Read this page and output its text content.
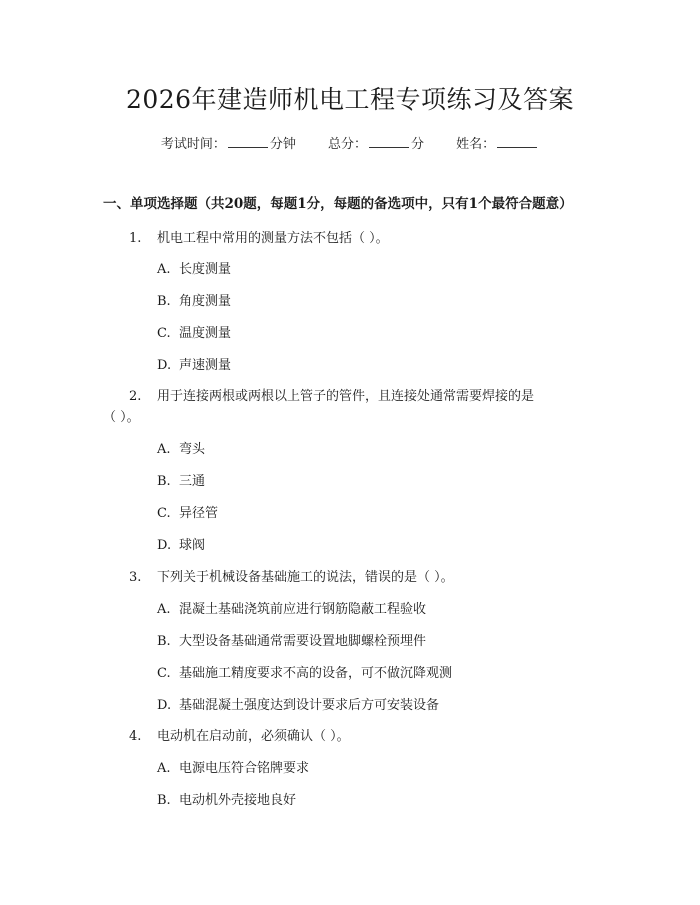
2026年建造师机电工程专项练习及答案
考试时间：	分钟 总分：	分 姓名：
一、单项选择题（共20题，每题1分，每题的备选项中，只有1个最符合题意）
1. 机电工程中常用的测量方法不包括（ ）。
A. 长度测量
B. 角度测量
C. 温度测量
D. 声速测量
2. 用于连接两根或两根以上管子的管件，且连接处通常需要焊接的是
（ ）。
A. 弯头
B. 三通
C. 异径管
D. 球阀
3. 下列关于机械设备基础施工的说法，错误的是（ ）。
A. 混凝土基础浇筑前应进行钢筋隐蔽工程验收
B. 大型设备基础通常需要设置地脚螺栓预埋件
C. 基础施工精度要求不高的设备，可不做沉降观测
D. 基础混凝土强度达到设计要求后方可安装设备
4. 电动机在启动前，必须确认（ ）。
A. 电源电压符合铭牌要求
B. 电动机外壳接地良好
